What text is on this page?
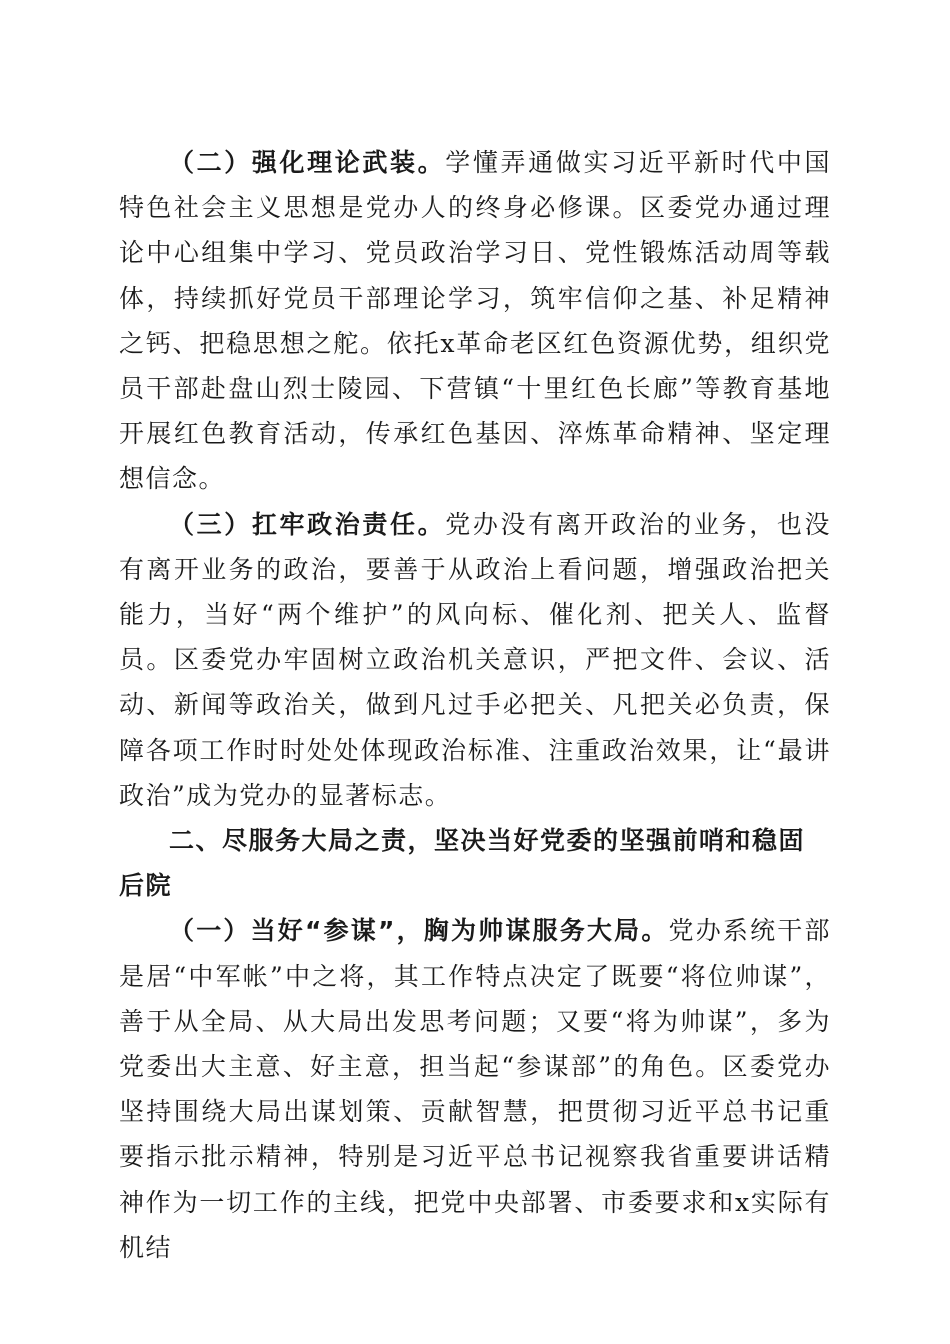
（二）强化理论武装。学懂弄通做实习近平新时代中国特色社会主义思想是党办人的终身必修课。区委党办通过理论中心组集中学习、党员政治学习日、党性锻炼活动周等载体，持续抓好党员干部理论学习，筑牢信仰之基、补足精神之钙、把稳思想之舵。依托x革命老区红色资源优势，组织党员干部赴盘山烈士陵园、下营镇“十里红色长廊”等教育基地开展红色教育活动，传承红色基因、淬炼革命精神、坚定理想信念。

（三）扛牢政治责任。党办没有离开政治的业务，也没有离开业务的政治，要善于从政治上看问题，增强政治把关能力，当好“两个维护”的风向标、催化剂、把关人、监督员。区委党办牢固树立政治机关意识，严把文件、会议、活动、新闻等政治关，做到凡过手必把关、凡把关必负责，保障各项工作时时处处体现政治标准、注重政治效果，让“最讲政治”成为党办的显著标志。

二、尽服务大局之责，坚决当好党委的坚强前哨和稳固后院

（一）当好“参谋”，胸为帅谋服务大局。党办系统干部是居“中军帐”中之将，其工作特点决定了既要“将位帅谋”，善于从全局、从大局出发思考问题；又要“将为帅谋”，多为党委出大主意、好主意，担当起“参谋部”的角色。区委党办坚持围绕大局出谋划策、贡献智慧，把贯彻习近平总书记重要指示批示精神，特别是习近平总书记视察我省重要讲话精神作为一切工作的主线，把党中央部署、市委要求和x实际有机结
